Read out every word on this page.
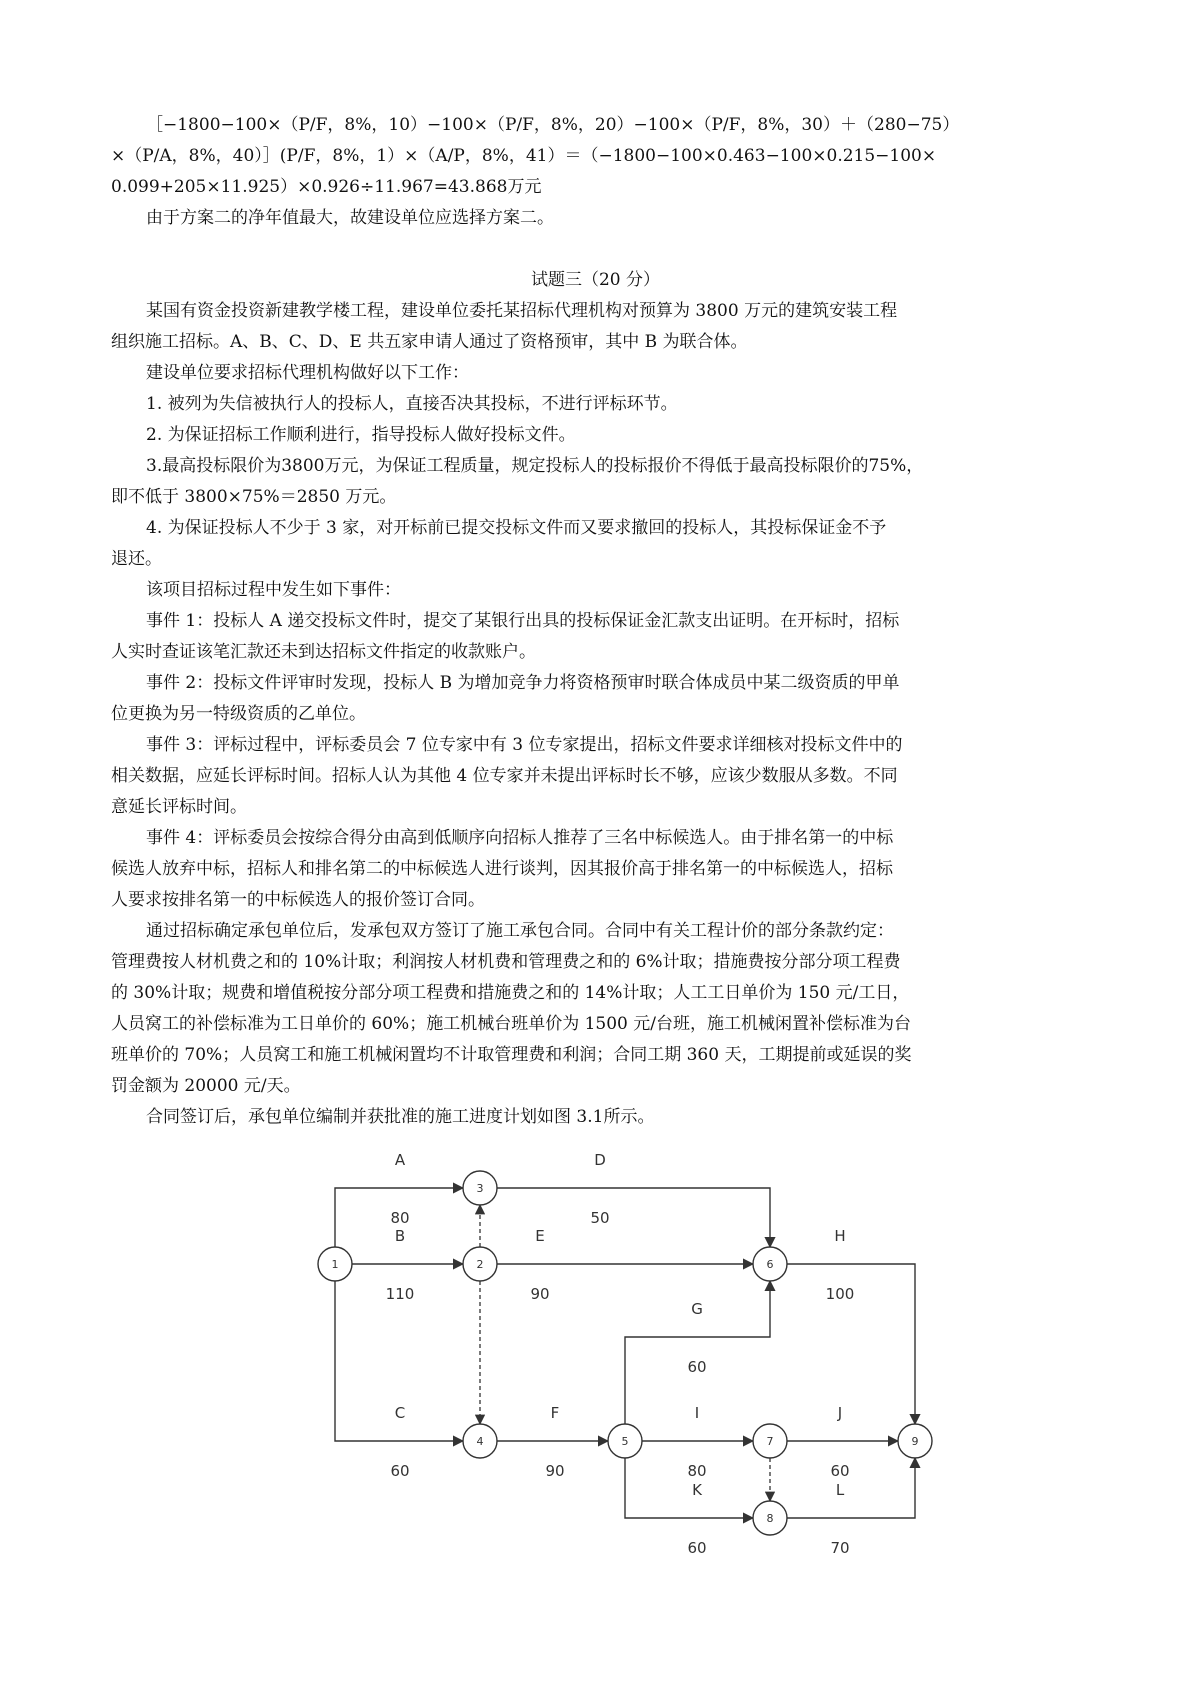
［−1800−100×（P/F，8%，10）−100×（P/F，8%，20）−100×（P/F，8%，30）＋（280−75）
×（P/A，8%，40）］(P/F，8%，1）×（A/P，8%，41）＝（−1800−100×0.463−100×0.215−100×
0.099+205×11.925）×0.926÷11.967=43.868万元
由于方案二的净年值最大，故建设单位应选择方案二。
试题三（20 分）
某国有资金投资新建教学楼工程，建设单位委托某招标代理机构对预算为 3800 万元的建筑安装工程
组织施工招标。A、B、C、D、E 共五家申请人通过了资格预审，其中 B 为联合体。
建设单位要求招标代理机构做好以下工作：
1. 被列为失信被执行人的投标人，直接否决其投标，不进行评标环节。
2. 为保证招标工作顺利进行，指导投标人做好投标文件。
3.最高投标限价为3800万元，为保证工程质量，规定投标人的投标报价不得低于最高投标限价的75%，
即不低于 3800×75%＝2850 万元。
4. 为保证投标人不少于 3 家，对开标前已提交投标文件而又要求撤回的投标人，其投标保证金不予
退还。
该项目招标过程中发生如下事件：
事件 1：投标人 A 递交投标文件时，提交了某银行出具的投标保证金汇款支出证明。在开标时，招标
人实时查证该笔汇款还未到达招标文件指定的收款账户。
事件 2：投标文件评审时发现，投标人 B 为增加竞争力将资格预审时联合体成员中某二级资质的甲单
位更换为另一特级资质的乙单位。
事件 3：评标过程中，评标委员会 7 位专家中有 3 位专家提出，招标文件要求详细核对投标文件中的
相关数据，应延长评标时间。招标人认为其他 4 位专家并未提出评标时长不够，应该少数服从多数。不同
意延长评标时间。
事件 4：评标委员会按综合得分由高到低顺序向招标人推荐了三名中标候选人。由于排名第一的中标
候选人放弃中标，招标人和排名第二的中标候选人进行谈判，因其报价高于排名第一的中标候选人，招标
人要求按排名第一的中标候选人的报价签订合同。
通过招标确定承包单位后，发承包双方签订了施工承包合同。合同中有关工程计价的部分条款约定：
管理费按人材机费之和的 10%计取；利润按人材机费和管理费之和的 6%计取；措施费按分部分项工程费
的 30%计取；规费和增值税按分部分项工程费和措施费之和的 14%计取；人工工日单价为 150 元/工日，
人员窝工的补偿标准为工日单价的 60%；施工机械台班单价为 1500 元/台班，施工机械闲置补偿标准为台
班单价的 70%；人员窝工和施工机械闲置均不计取管理费和利润；合同工期 360 天，工期提前或延误的奖
罚金额为 20000 元/天。
合同签订后，承包单位编制并获批准的施工进度计划如图 3.1所示。
1	2
3
4	5
6
7
8
9
A
80
B
110
C
60
D
50
E
90
F
90
G
60
H
100
I
80
J
60
K
60
L
70
